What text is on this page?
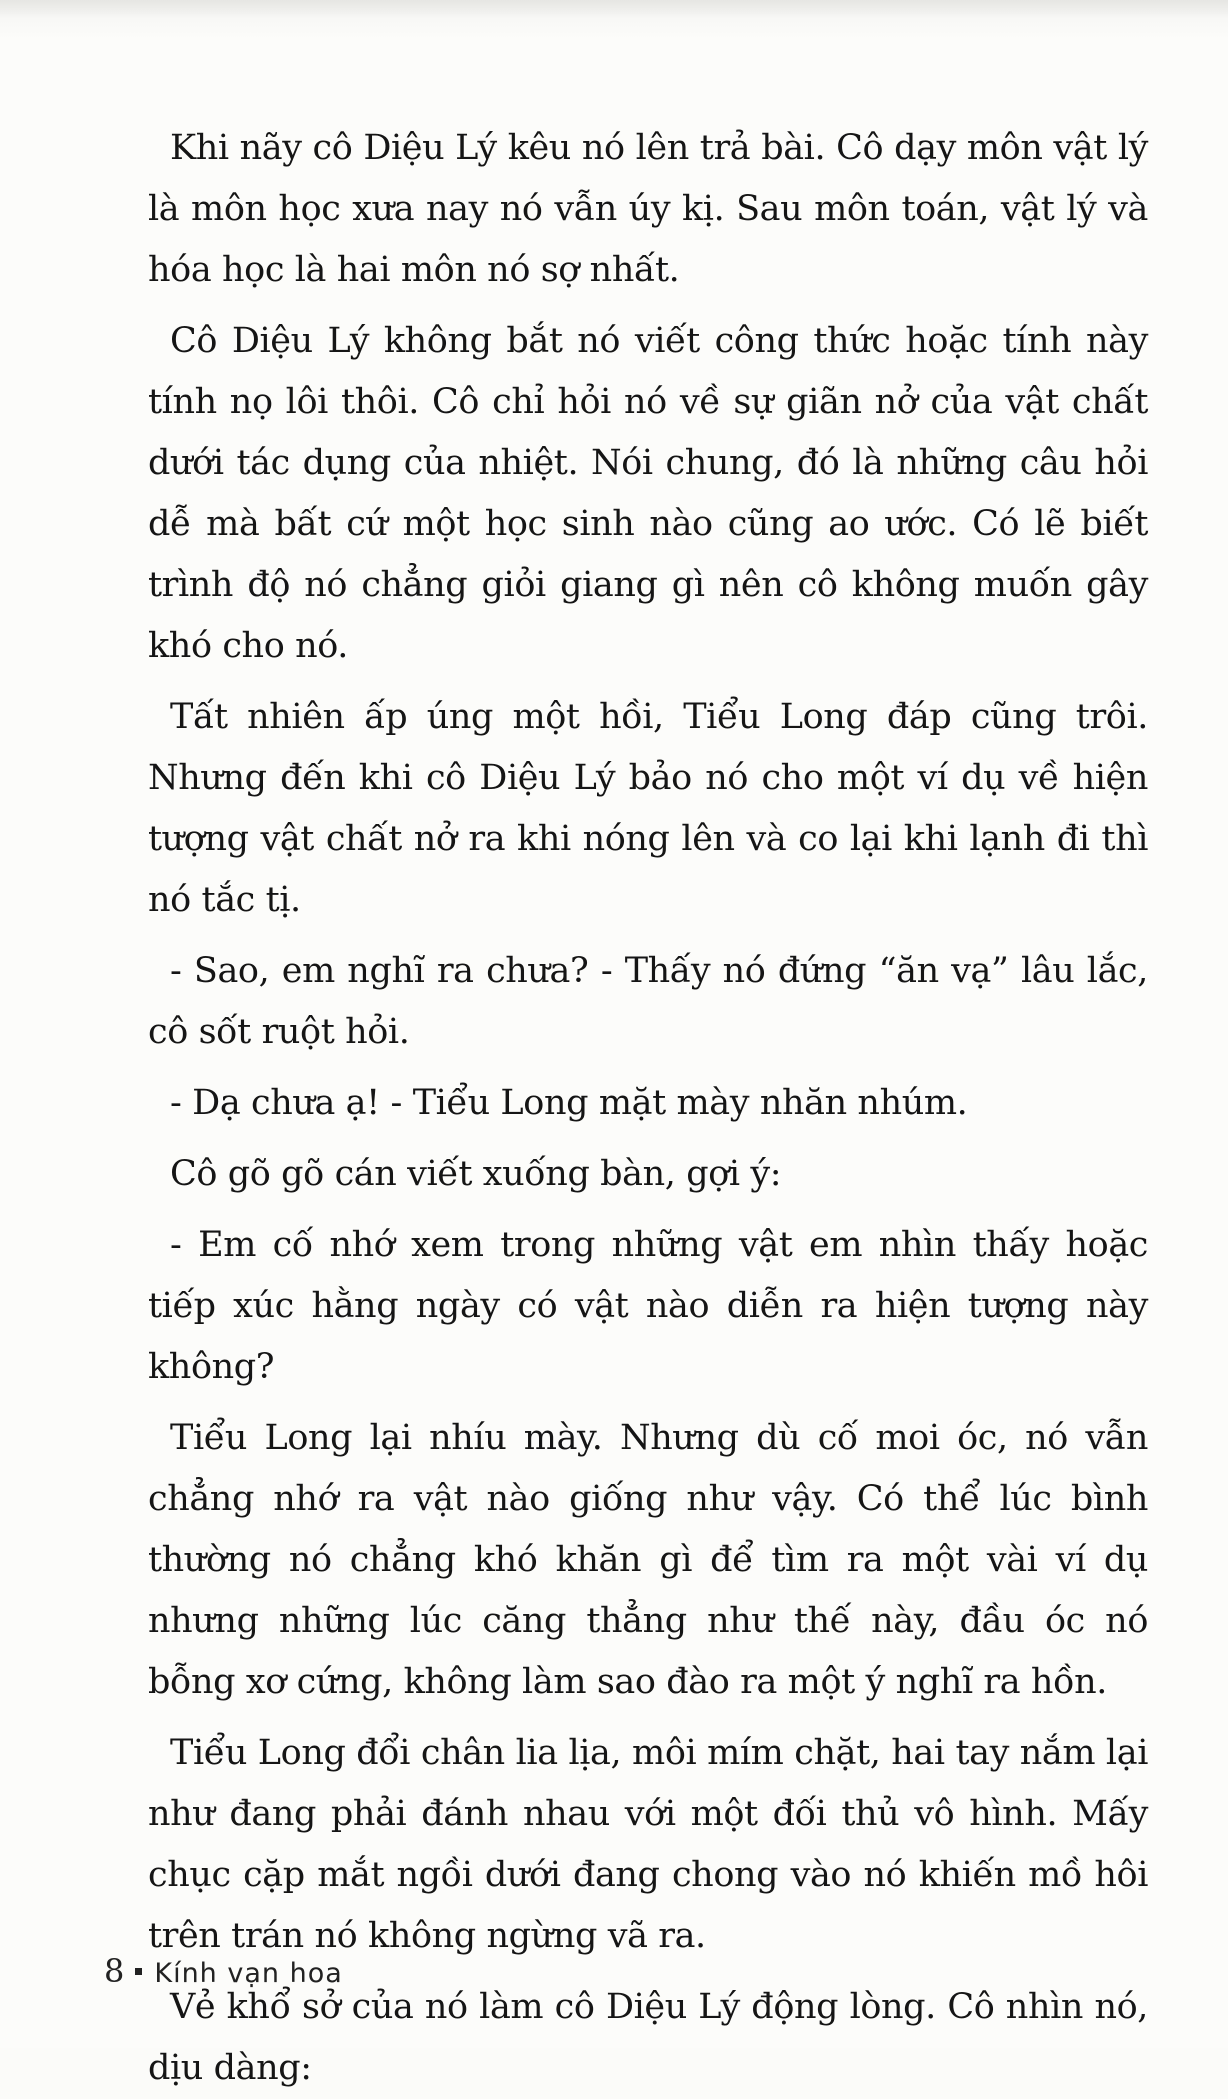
Khi nãy cô Diệu Lý kêu nó lên trả bài. Cô dạy môn vật lý là môn học xưa nay nó vẫn úy kị. Sau môn toán, vật lý và hóa học là hai môn nó sợ nhất.

Cô Diệu Lý không bắt nó viết công thức hoặc tính này tính nọ lôi thôi. Cô chỉ hỏi nó về sự giãn nở của vật chất dưới tác dụng của nhiệt. Nói chung, đó là những câu hỏi dễ mà bất cứ một học sinh nào cũng ao ước. Có lẽ biết trình độ nó chẳng giỏi giang gì nên cô không muốn gây khó cho nó.

Tất nhiên ấp úng một hồi, Tiểu Long đáp cũng trôi. Nhưng đến khi cô Diệu Lý bảo nó cho một ví dụ về hiện tượng vật chất nở ra khi nóng lên và co lại khi lạnh đi thì nó tắc tị.

- Sao, em nghĩ ra chưa? - Thấy nó đứng “ăn vạ” lâu lắc, cô sốt ruột hỏi.

- Dạ chưa ạ! - Tiểu Long mặt mày nhăn nhúm.

Cô gõ gõ cán viết xuống bàn, gợi ý:

- Em cố nhớ xem trong những vật em nhìn thấy hoặc tiếp xúc hằng ngày có vật nào diễn ra hiện tượng này không?

Tiểu Long lại nhíu mày. Nhưng dù cố moi óc, nó vẫn chẳng nhớ ra vật nào giống như vậy. Có thể lúc bình thường nó chẳng khó khăn gì để tìm ra một vài ví dụ nhưng những lúc căng thẳng như thế này, đầu óc nó bỗng xơ cứng, không làm sao đào ra một ý nghĩ ra hồn.

Tiểu Long đổi chân lia lịa, môi mím chặt, hai tay nắm lại như đang phải đánh nhau với một đối thủ vô hình. Mấy chục cặp mắt ngồi dưới đang chong vào nó khiến mồ hôi trên trán nó không ngừng vã ra.

Vẻ khổ sở của nó làm cô Diệu Lý động lòng. Cô nhìn nó, dịu dàng:

8 Kính vạn hoa
